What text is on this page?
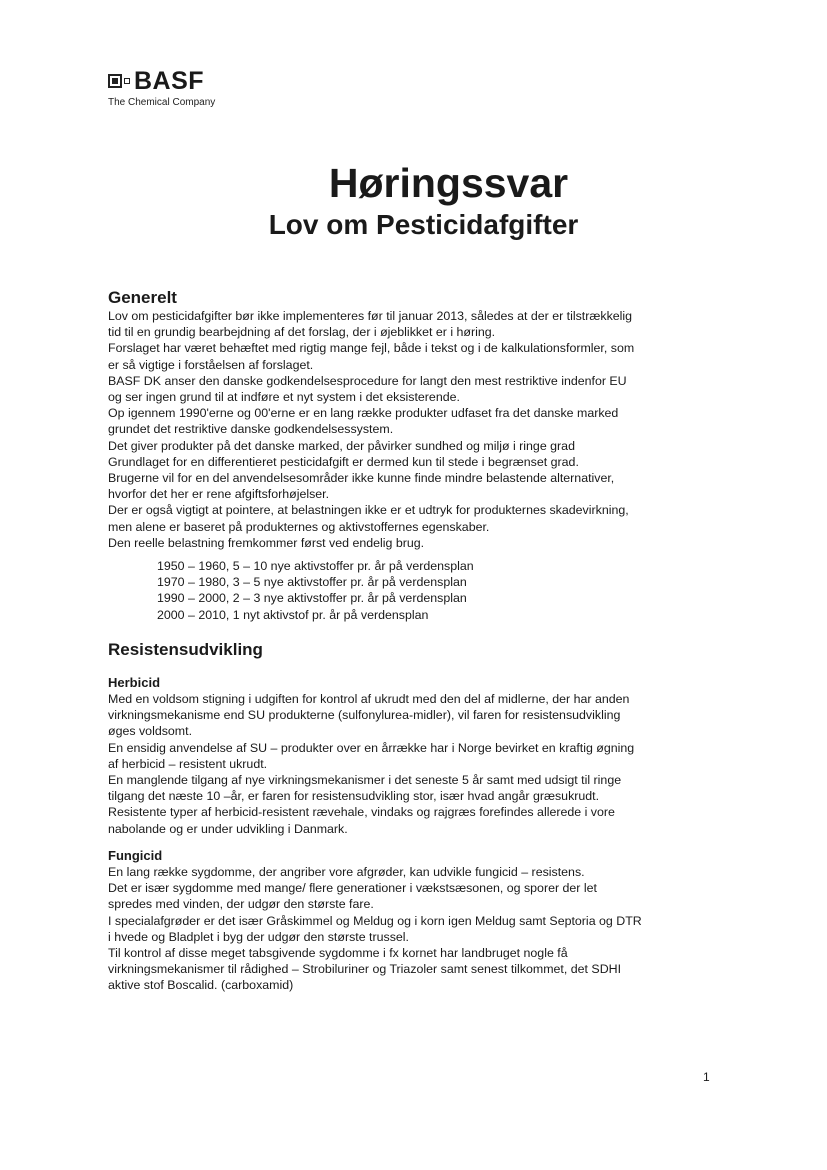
BASF
The Chemical Company
Høringssvar
Lov om Pesticidafgifter
Generelt

Lov om pesticidafgifter bør ikke implementeres før til januar 2013, således at der er tilstrækkelig

tid til en grundig bearbejdning af det forslag, der i øjeblikket er i høring.

Forslaget har været behæftet med rigtig mange fejl, både i tekst og i de kalkulationsformler, som

er så vigtige i forståelsen af forslaget.

BASF DK anser den danske godkendelsesprocedure for langt den mest restriktive indenfor EU

og ser ingen grund til at indføre et nyt system i det eksisterende.

Op igennem 1990'erne og 00'erne er en lang række produkter udfaset fra det danske marked

grundet det restriktive danske godkendelsessystem.

Det giver produkter på det danske marked, der påvirker sundhed og miljø i ringe grad

Grundlaget for en differentieret pesticidafgift er dermed kun til stede i begrænset grad.

Brugerne vil for en del anvendelsesområder ikke kunne finde mindre belastende alternativer,

hvorfor det her er rene afgiftsforhøjelser.

Der er også vigtigt at pointere, at belastningen ikke er et udtryk for produkternes skadevirkning,

men alene er baseret på produkternes og aktivstoffernes egenskaber.

Den reelle belastning fremkommer først ved endelig brug.

1950 – 1960, 5 – 10 nye aktivstoffer pr. år på verdensplan

1970 – 1980, 3 – 5 nye aktivstoffer pr. år på verdensplan

1990 – 2000, 2 – 3 nye aktivstoffer pr. år på verdensplan

2000 – 2010, 1 nyt aktivstof pr. år på verdensplan

Resistensudvikling
Herbicid

Med en voldsom stigning i udgiften for kontrol af ukrudt med den del af midlerne, der har anden

virkningsmekanisme end SU produkterne (sulfonylurea-midler), vil faren for resistensudvikling

øges voldsomt.

En ensidig anvendelse af SU – produkter over en årrække har i Norge bevirket en kraftig øgning

af herbicid – resistent ukrudt.

En manglende tilgang af nye virkningsmekanismer i det seneste 5 år samt med udsigt til ringe

tilgang det næste 10 –år, er faren for resistensudvikling stor, især hvad angår græsukrudt.

Resistente typer af herbicid-resistent rævehale, vindaks og rajgræs forefindes allerede i vore

nabolande og er under udvikling i Danmark.

Fungicid

En lang række sygdomme, der angriber vore afgrøder, kan udvikle fungicid – resistens.

Det er især sygdomme med mange/ flere generationer i vækstsæsonen, og sporer der let

spredes med vinden, der udgør den største fare.

I specialafgrøder er det især Gråskimmel og Meldug og i korn igen Meldug samt Septoria og DTR

i hvede og Bladplet i byg der udgør den største trussel.

Til kontrol af disse meget tabsgivende sygdomme i fx kornet har landbruget nogle få

virkningsmekanismer til rådighed – Strobiluriner og Triazoler samt senest tilkommet, det SDHI

aktive stof Boscalid. (carboxamid)

1
